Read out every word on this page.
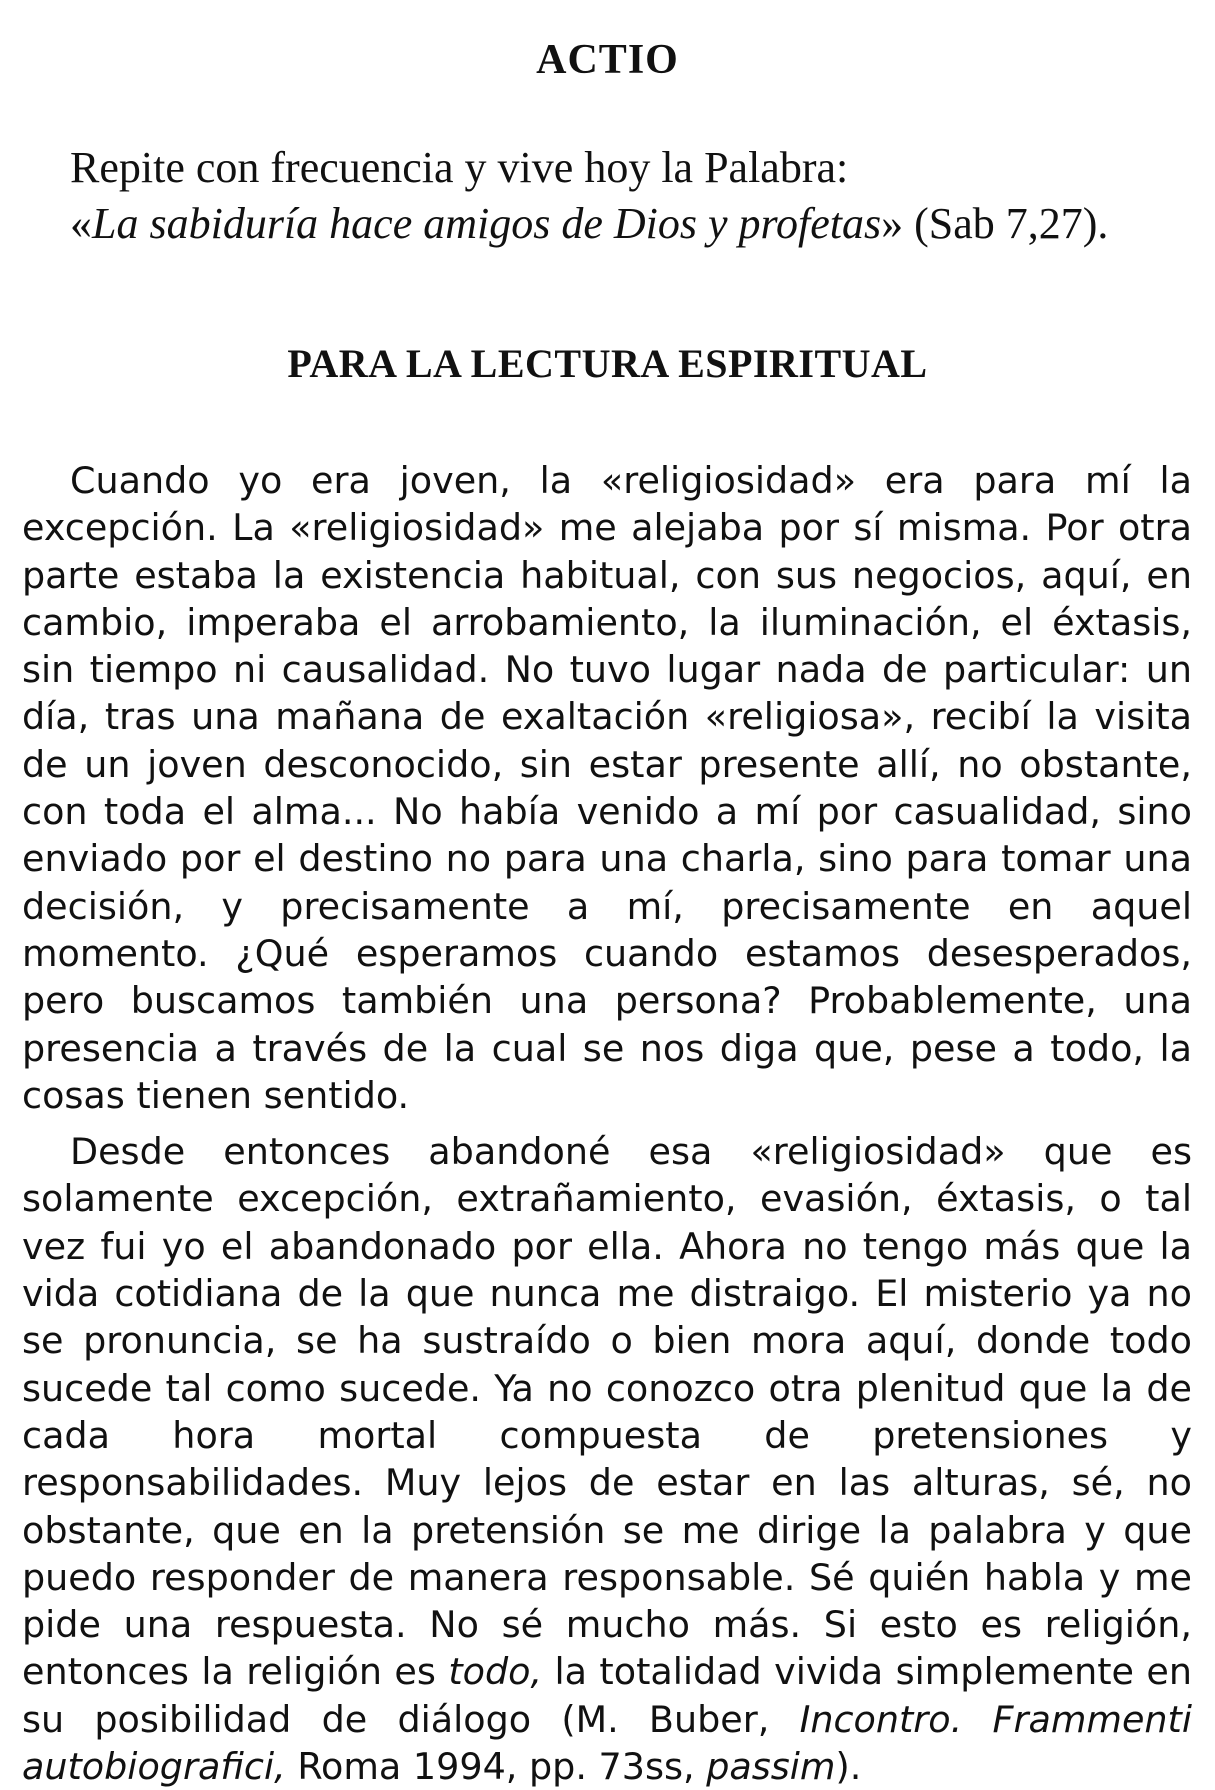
ACTIO

Repite con frecuencia y vive hoy la Palabra:

«La sabiduría hace amigos de Dios y profetas» (Sab 7,27).

PARA LA LECTURA ESPIRITUAL

Cuando yo era joven, la «religiosidad» era para mí la excepción. La «religiosidad» me alejaba por sí misma. Por otra parte estaba la existencia habitual, con sus negocios, aquí, en cambio, imperaba el arrobamiento, la iluminación, el éxtasis, sin tiempo ni causalidad. No tuvo lugar nada de particular: un día, tras una mañana de exaltación «religiosa», recibí la visita de un joven desconocido, sin estar presente allí, no obstante, con toda el alma... No había venido a mí por casualidad, sino enviado por el destino no para una charla, sino para tomar una decisión, y precisamente a mí, precisamente en aquel momento. ¿Qué esperamos cuando estamos desesperados, pero buscamos también una persona? Probablemente, una presencia a través de la cual se nos diga que, pese a todo, la cosas tienen sentido.

Desde entonces abandoné esa «religiosidad» que es solamente excepción, extrañamiento, evasión, éxtasis, o tal vez fui yo el abandonado por ella. Ahora no tengo más que la vida cotidiana de la que nunca me distraigo. El misterio ya no se pronuncia, se ha sustraído o bien mora aquí, donde todo sucede tal como sucede. Ya no conozco otra plenitud que la de cada hora mortal compuesta de pretensiones y responsabilidades. Muy lejos de estar en las alturas, sé, no obstante, que en la pretensión se me dirige la palabra y que puedo responder de manera responsable. Sé quién habla y me pide una respuesta. No sé mucho más. Si esto es religión, entonces la religión es todo, la totalidad vivida simplemente en su posibilidad de diálogo (M. Buber, Incontro. Frammenti autobiografici, Roma 1994, pp. 73ss, passim).
